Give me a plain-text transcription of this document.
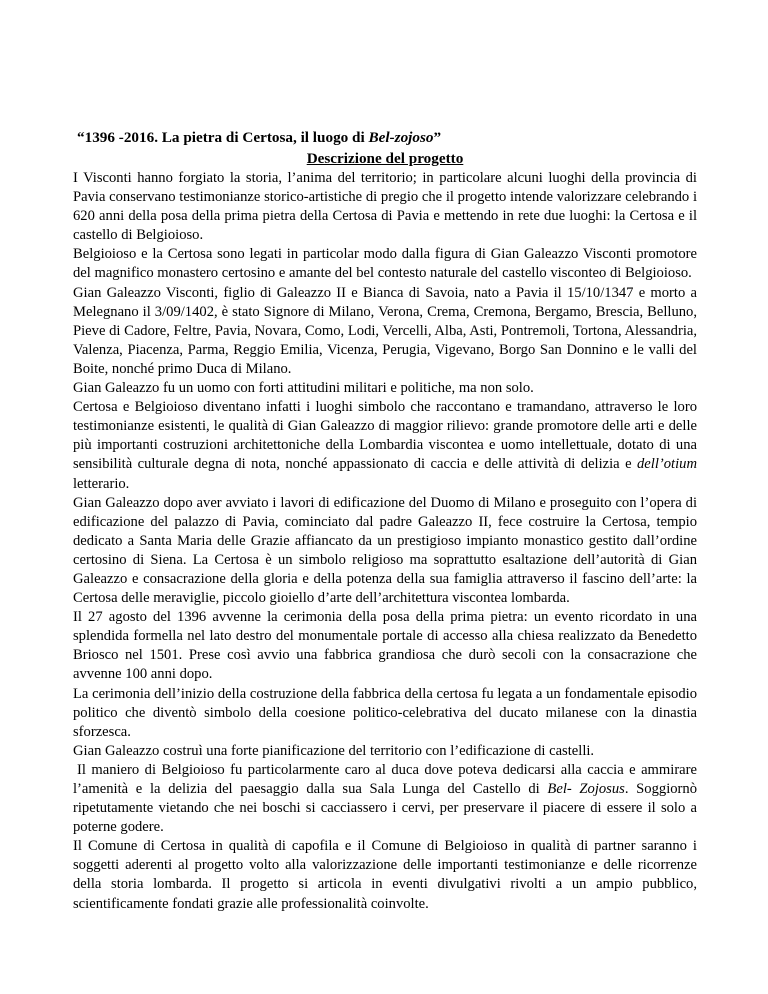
“1396 -2016. La pietra di Certosa, il luogo di Bel-zojoso”

Descrizione del progetto

I Visconti hanno forgiato la storia, l’anima del territorio; in particolare alcuni luoghi della provincia di Pavia conservano testimonianze storico-artistiche di pregio che il progetto intende valorizzare celebrando i 620 anni della posa della prima pietra della Certosa di Pavia e mettendo in rete due luoghi: la Certosa e il castello di Belgioioso.

Belgioioso e la Certosa sono legati in particolar modo dalla figura di Gian Galeazzo Visconti promotore del magnifico monastero certosino e amante del bel contesto naturale del castello visconteo di Belgioioso.

Gian Galeazzo Visconti, figlio di Galeazzo II e Bianca di Savoia, nato a Pavia il 15/10/1347 e morto a Melegnano il 3/09/1402, è stato Signore di Milano, Verona, Crema, Cremona, Bergamo, Brescia, Belluno, Pieve di Cadore, Feltre, Pavia, Novara, Como, Lodi, Vercelli, Alba, Asti, Pontremoli, Tortona, Alessandria, Valenza, Piacenza, Parma, Reggio Emilia, Vicenza, Perugia, Vigevano, Borgo San Donnino e le valli del Boite, nonché primo Duca di Milano.

Gian Galeazzo fu un uomo con forti attitudini militari e politiche, ma non solo.

Certosa e Belgioioso diventano infatti i luoghi simbolo che raccontano e tramandano, attraverso le loro testimonianze esistenti, le qualità di Gian Galeazzo di maggior rilievo: grande promotore delle arti e delle più importanti costruzioni architettoniche della Lombardia viscontea e uomo intellettuale, dotato di una sensibilità culturale degna di nota, nonché appassionato di caccia e delle attività di delizia e dell’otium letterario.

Gian Galeazzo dopo aver avviato i lavori di edificazione del Duomo di Milano e proseguito con l’opera di edificazione del palazzo di Pavia, cominciato dal padre Galeazzo II, fece costruire la Certosa, tempio dedicato a Santa Maria delle Grazie affiancato da un prestigioso impianto monastico gestito dall’ordine certosino di Siena. La Certosa è un simbolo religioso ma soprattutto esaltazione dell’autorità di Gian Galeazzo e consacrazione della gloria e della potenza della sua famiglia attraverso il fascino dell’arte: la Certosa delle meraviglie, piccolo gioiello d’arte dell’architettura viscontea lombarda.

Il 27 agosto del 1396 avvenne la cerimonia della posa della prima pietra: un evento ricordato in una splendida formella nel lato destro del monumentale portale di accesso alla chiesa realizzato da Benedetto Briosco nel 1501. Prese così avvio una fabbrica grandiosa che durò secoli con la consacrazione che avvenne 100 anni dopo.

La cerimonia dell’inizio della costruzione della fabbrica della certosa fu legata a un fondamentale episodio politico che diventò simbolo della coesione politico-celebrativa del ducato milanese con la dinastia sforzesca.

Gian Galeazzo costruì una forte pianificazione del territorio con l’edificazione di castelli.

Il maniero di Belgioioso fu particolarmente caro al duca dove poteva dedicarsi alla caccia e ammirare l’amenità e la delizia del paesaggio dalla sua Sala Lunga del Castello di Bel- Zojosus. Soggiornò ripetutamente vietando che nei boschi si cacciassero i cervi, per preservare il piacere di essere il solo a poterne godere.

Il Comune di Certosa in qualità di capofila e il Comune di Belgioioso in qualità di partner saranno i soggetti aderenti al progetto volto alla valorizzazione delle importanti testimonianze e delle ricorrenze della storia lombarda. Il progetto si articola in eventi divulgativi rivolti a un ampio pubblico, scientificamente fondati grazie alle professionalità coinvolte.
